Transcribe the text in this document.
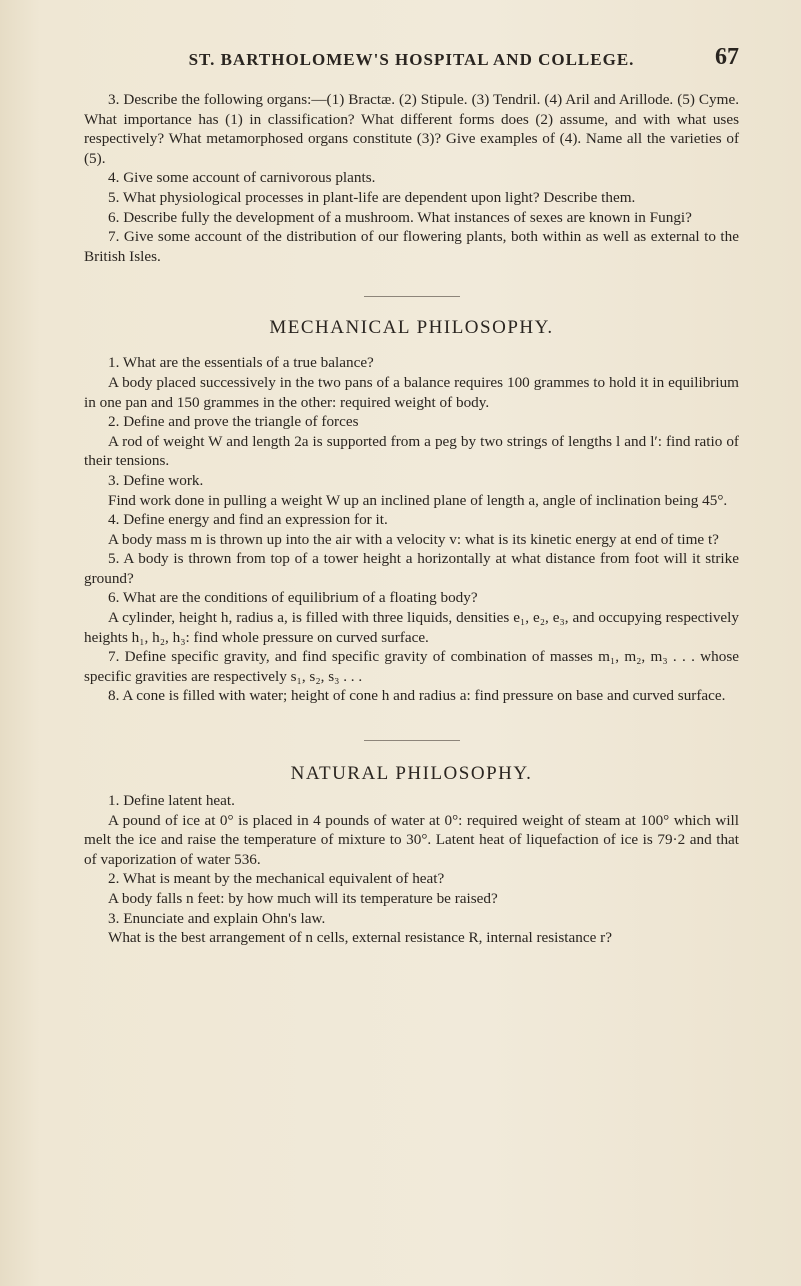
ST. BARTHOLOMEW'S HOSPITAL AND COLLEGE.	67

3. Describe the following organs:—(1) Bractæ. (2) Stipule. (3) Tendril. (4) Aril and Arillode. (5) Cyme. What importance has (1) in classification? What different forms does (2) assume, and with what uses respectively? What metamorphosed organs constitute (3)? Give examples of (4). Name all the varieties of (5).

4. Give some account of carnivorous plants.

5. What physiological processes in plant-life are dependent upon light? Describe them.

6. Describe fully the development of a mushroom. What instances of sexes are known in Fungi?

7. Give some account of the distribution of our flowering plants, both within as well as external to the British Isles.

MECHANICAL PHILOSOPHY.

1. What are the essentials of a true balance?

A body placed successively in the two pans of a balance requires 100 grammes to hold it in equilibrium in one pan and 150 grammes in the other: required weight of body.

2. Define and prove the triangle of forces

A rod of weight W and length 2a is supported from a peg by two strings of lengths l and l′: find ratio of their tensions.

3. Define work.

Find work done in pulling a weight W up an inclined plane of length a, angle of inclination being 45°.

4. Define energy and find an expression for it.

A body mass m is thrown up into the air with a velocity v: what is its kinetic energy at end of time t?

5. A body is thrown from top of a tower height a horizontally at what distance from foot will it strike ground?

6. What are the conditions of equilibrium of a floating body?

A cylinder, height h, radius a, is filled with three liquids, densities e₁, e₂, e₃, and occupying respectively heights h₁, h₂, h₃: find whole pressure on curved surface.

7. Define specific gravity, and find specific gravity of combination of masses m₁, m₂, m₃ . . . whose specific gravities are respectively s₁, s₂, s₃ . . .

8. A cone is filled with water; height of cone h and radius a: find pressure on base and curved surface.

NATURAL PHILOSOPHY.

1. Define latent heat.

A pound of ice at 0° is placed in 4 pounds of water at 0°: required weight of steam at 100° which will melt the ice and raise the temperature of mixture to 30°. Latent heat of liquefaction of ice is 79·2 and that of vaporization of water 536.

2. What is meant by the mechanical equivalent of heat?

A body falls n feet: by how much will its temperature be raised?

3. Enunciate and explain Ohn's law.

What is the best arrangement of n cells, external resistance R, internal resistance r?
